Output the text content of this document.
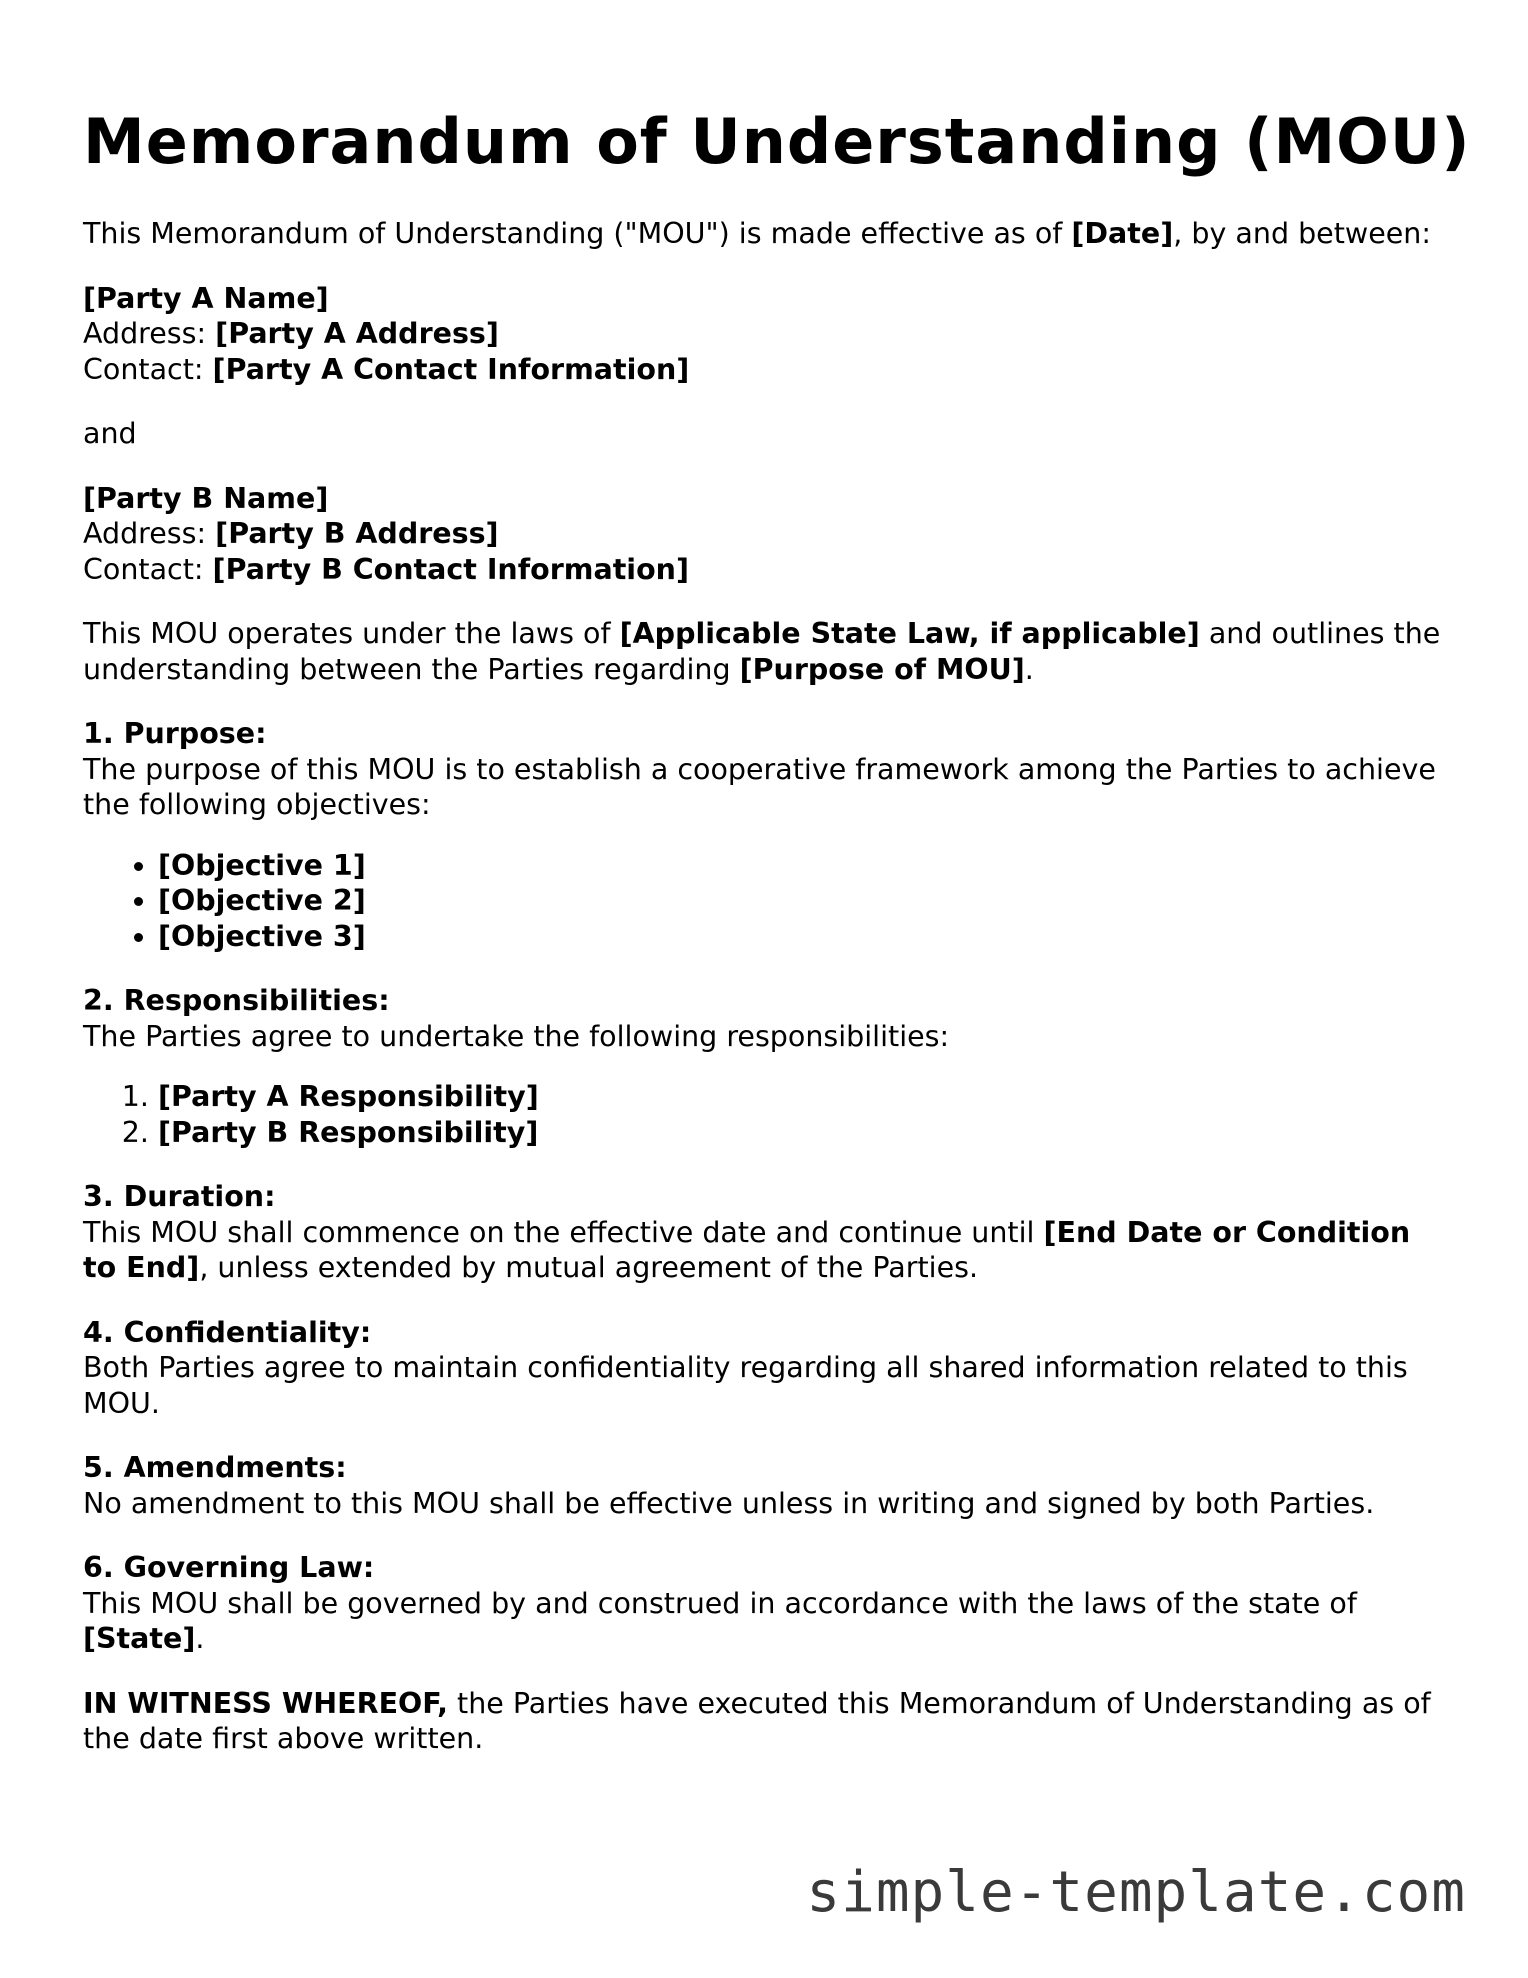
Memorandum of Understanding (MOU)

This Memorandum of Understanding ("MOU") is made effective as of [Date], by and between:

[Party A Name]
Address: [Party A Address]
Contact: [Party A Contact Information]

and

[Party B Name]
Address: [Party B Address]
Contact: [Party B Contact Information]

This MOU operates under the laws of [Applicable State Law, if applicable] and outlines the understanding between the Parties regarding [Purpose of MOU].

1. Purpose:
The purpose of this MOU is to establish a cooperative framework among the Parties to achieve the following objectives:

• [Objective 1]
• [Objective 2]
• [Objective 3]

2. Responsibilities:
The Parties agree to undertake the following responsibilities:

1. [Party A Responsibility]
2. [Party B Responsibility]

3. Duration:
This MOU shall commence on the effective date and continue until [End Date or Condition to End], unless extended by mutual agreement of the Parties.

4. Confidentiality:
Both Parties agree to maintain confidentiality regarding all shared information related to this MOU.

5. Amendments:
No amendment to this MOU shall be effective unless in writing and signed by both Parties.

6. Governing Law:
This MOU shall be governed by and construed in accordance with the laws of the state of [State].

IN WITNESS WHEREOF, the Parties have executed this Memorandum of Understanding as of the date first above written.

simple-template.com
